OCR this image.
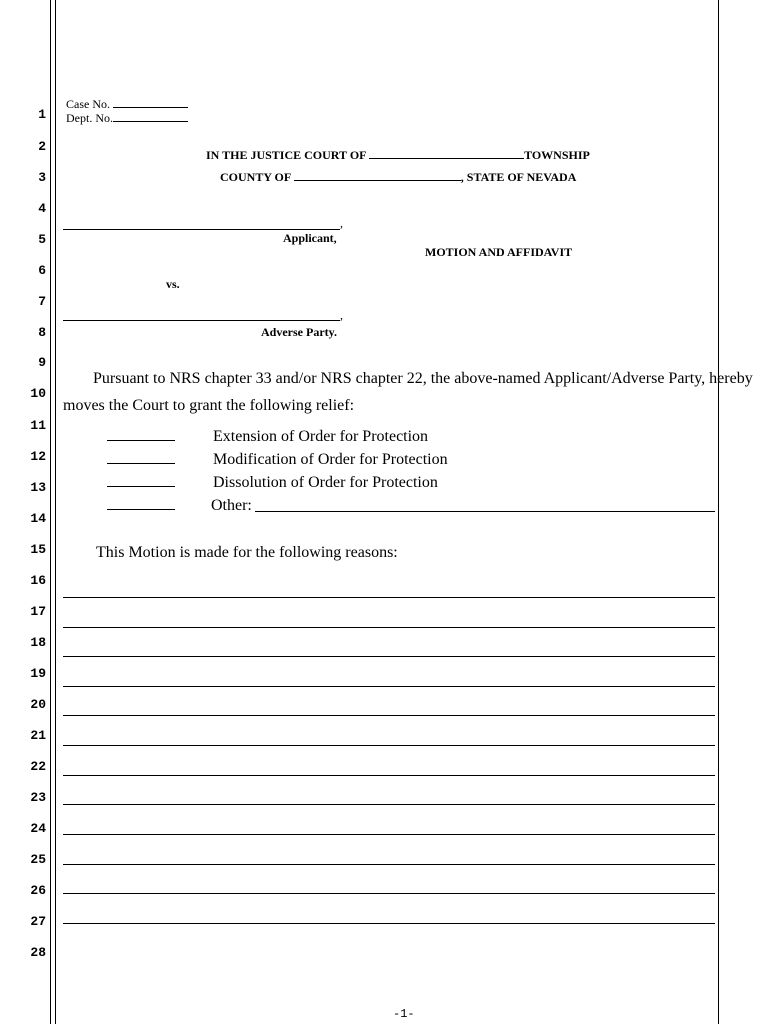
1
2
3
4
5
6
7
8
9
10
11
12
13
14
15
16
17
18
19
20
21
22
23
24
25
26
27
28
Case No.
Dept. No.
IN THE JUSTICE COURT OF	TOWNSHIP
COUNTY OF	, STATE OF NEVADA
,
Applicant,
MOTION AND AFFIDAVIT
vs.
,
Adverse Party.
Pursuant to NRS chapter 33 and/or NRS chapter 22, the above-named Applicant/Adverse Party, hereby
moves the Court to grant the following relief:
Extension of Order for Protection
Modification of Order for Protection
Dissolution of Order for Protection
Other:
This Motion is made for the following reasons:
-1-
